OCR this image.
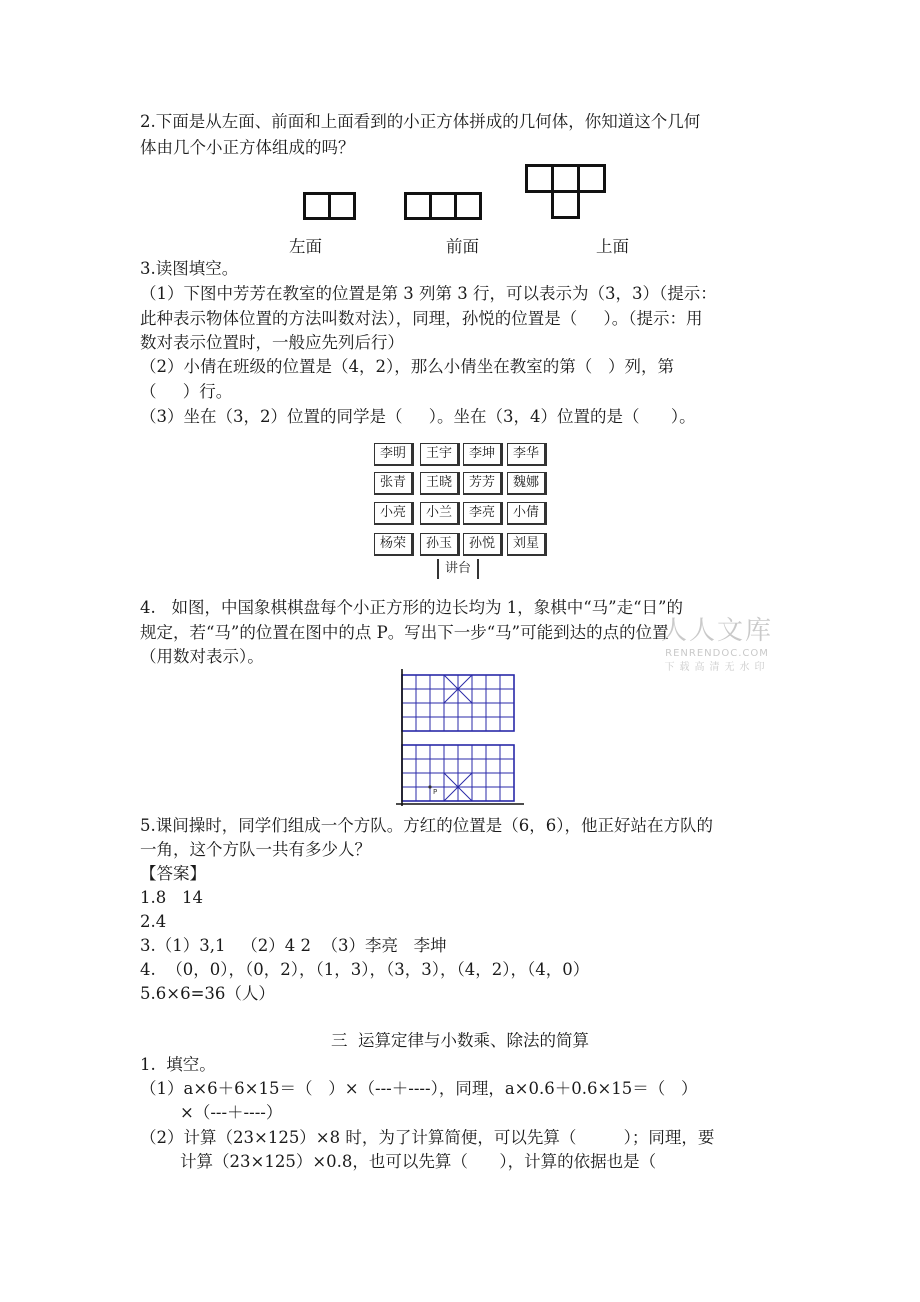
2.下面是从左面、前面和上面看到的小正方体拼成的几何体，你知道这个几何
体由几个小正方体组成的吗？
左面	前面	上面
3.读图填空。
（1）下图中芳芳在教室的位置是第 3 列第 3 行，可以表示为（3，3）（提示：
此种表示物体位置的方法叫数对法），同理，孙悦的位置是（     ）。（提示：用
数对表示位置时，一般应先列后行）
（2）小倩在班级的位置是（4，2），那么小倩坐在教室的第（   ）列，第
（     ）行。
（3）坐在（3，2）位置的同学是（     ）。坐在（3，4）位置的是（      ）。
李明	王宇	李坤	李华
张青	王晓	芳芳	魏娜
小亮	小兰	李亮	小倩
杨荣	孙玉	孙悦	刘星
讲台
4.   如图，中国象棋棋盘每个小正方形的边长均为 1，象棋中“马”走“日”的
规定，若“马”的位置在图中的点 P。写出下一步“马”可能到达的点的位置
（用数对表示）。
人人文库
RENRENDOC.COM
下载高清无水印
P
5.课间操时，同学们组成一个方队。方红的位置是（6，6），他正好站在方队的
一角，这个方队一共有多少人？
【答案】
1.8   14
2.4
3.（1）3,1   （2）4 2  （3）李亮   李坤
4.  （0，0），（0，2），（1，3），（3，3），（4，2），（4，0）
5.6×6=36（人）
三  运算定律与小数乘、除法的简算
1.  填空。
（1）a×6＋6×15＝（   ）×（---＋----），同理，a×0.6＋0.6×15＝（   ）
×（---＋----）
（2）计算（23×125）×8 时，为了计算简便，可以先算（         ）；同理，要
计算（23×125）×0.8，也可以先算（      ），计算的依据也是（
